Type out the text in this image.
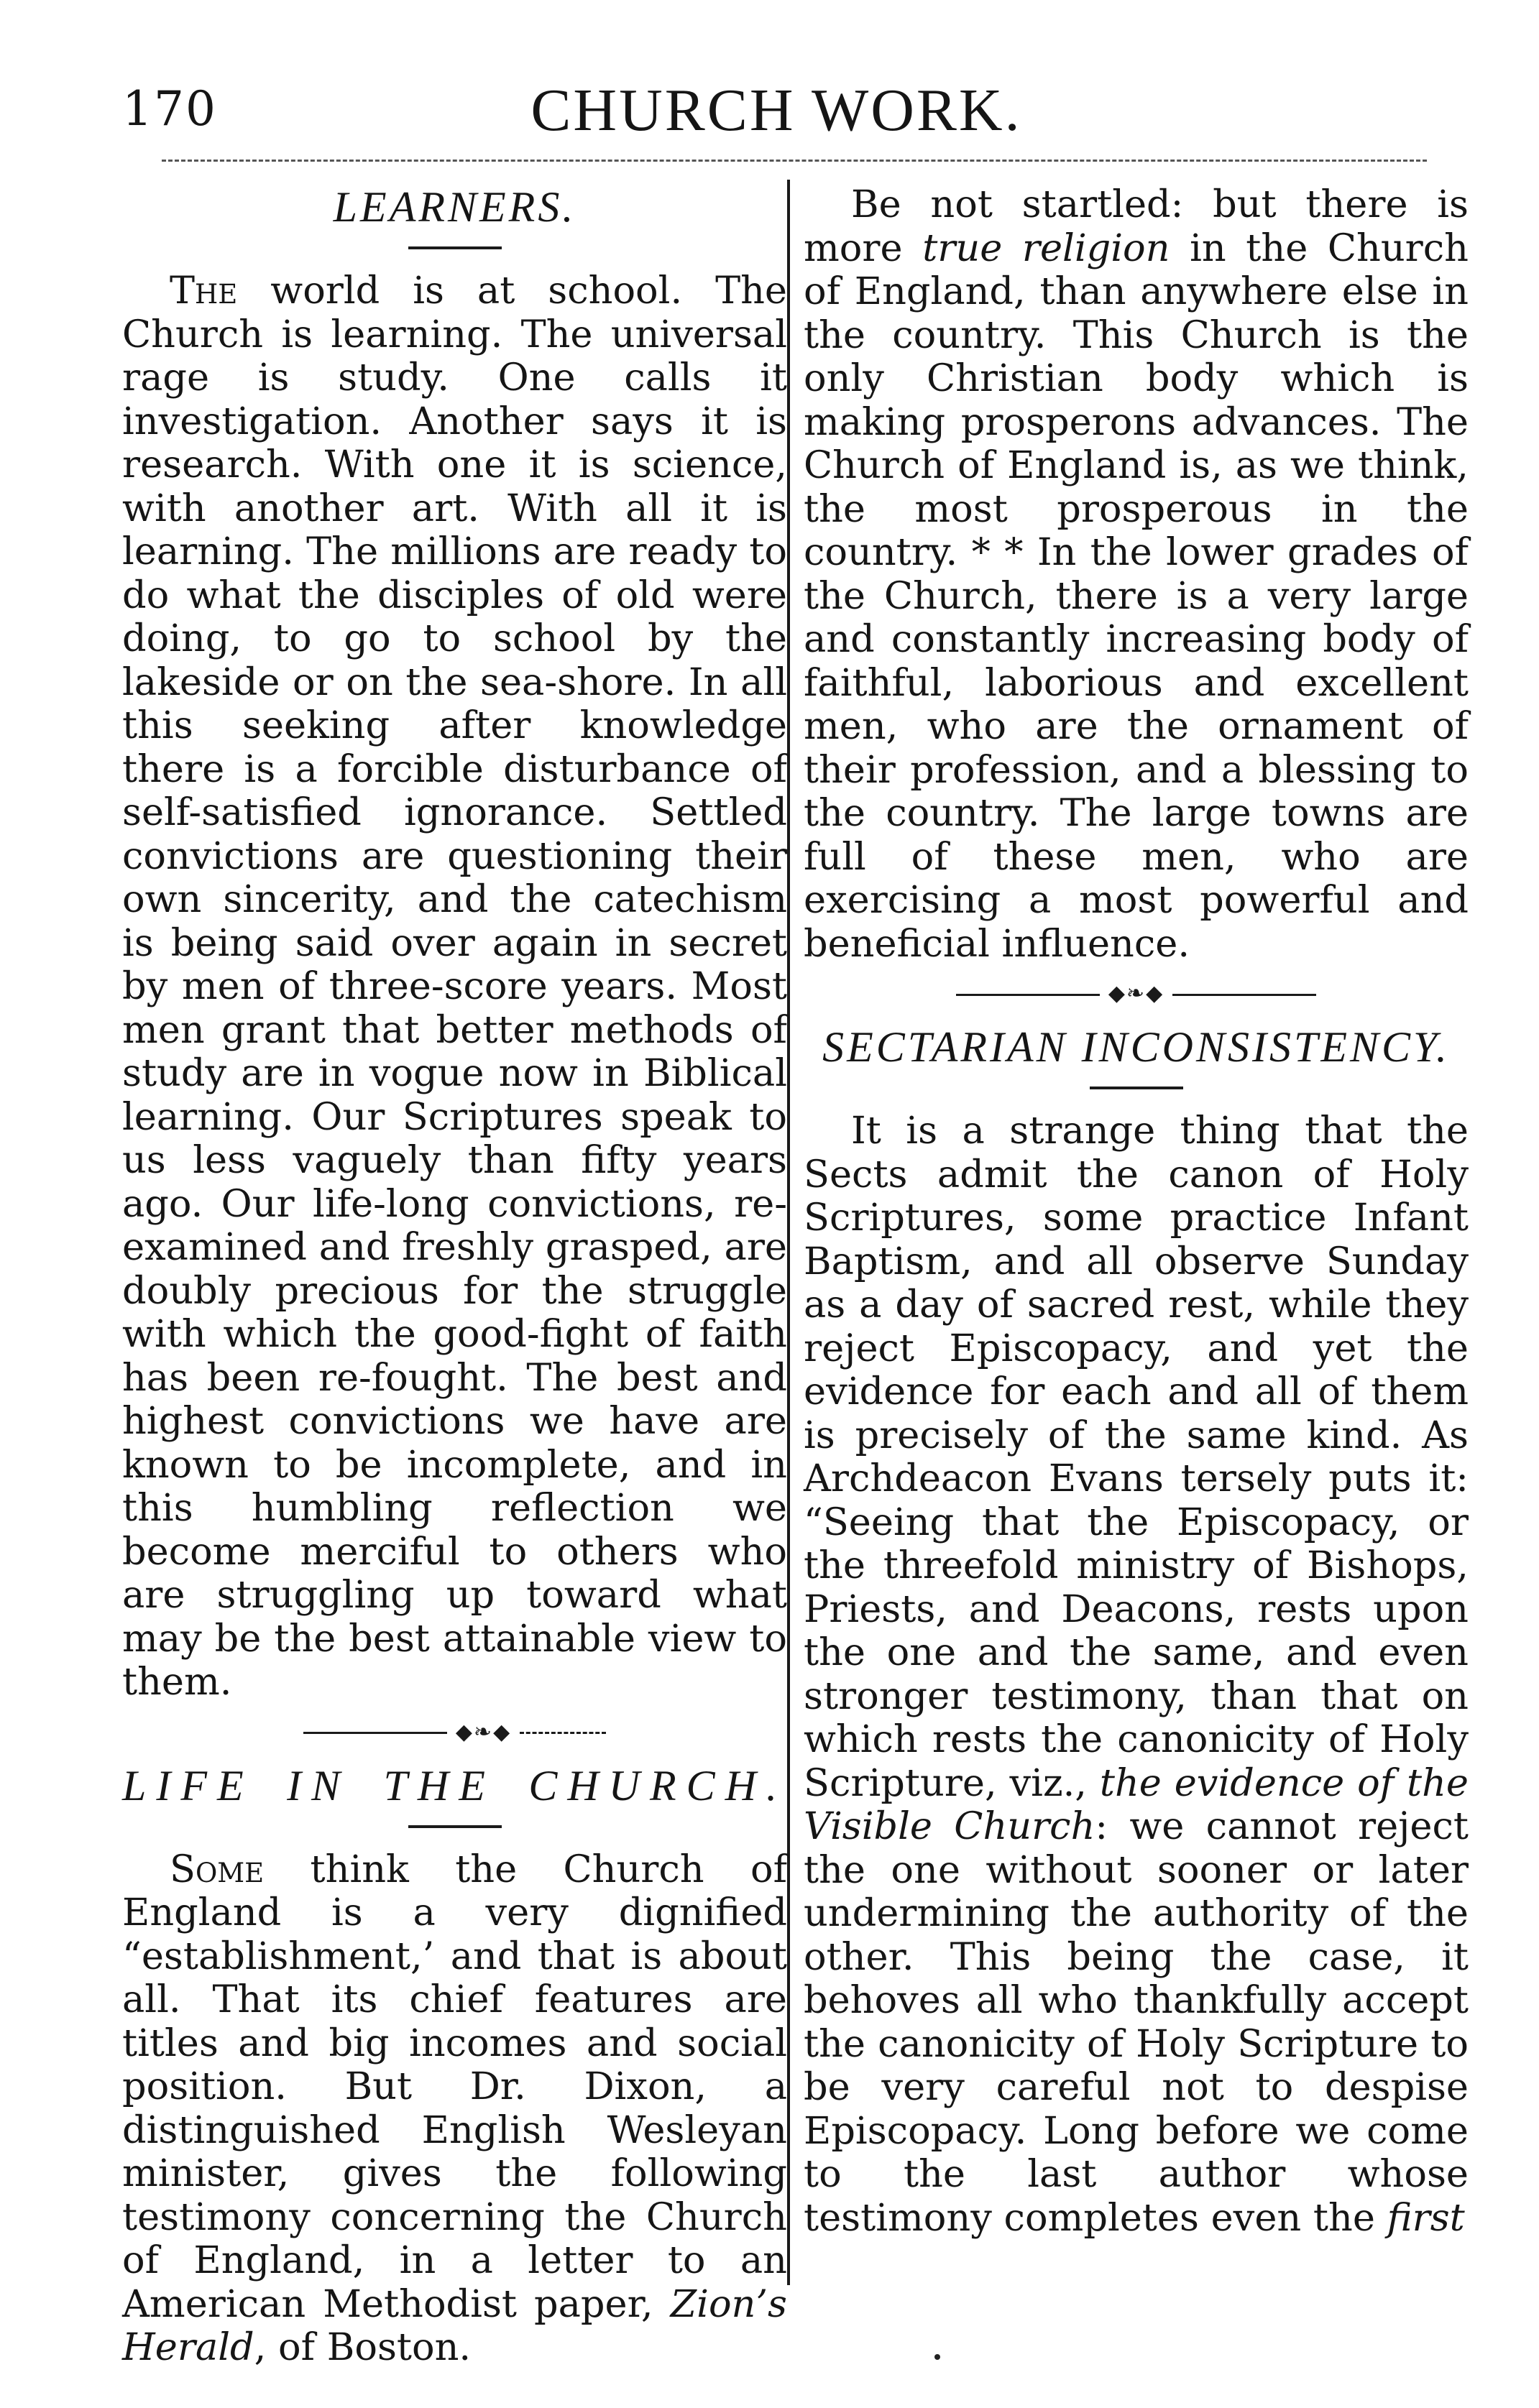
170	CHURCH WORK.
LEARNERS.

The world is at school. The Church is learning. The universal rage is study. One calls it investigation. Another says it is research. With one it is science, with another art. With all it is learning. The millions are ready to do what the disciples of old were doing, to go to school by the lakeside or on the sea-shore. In all this seeking after knowledge there is a forcible disturbance of self-satisfied ignorance. Settled convictions are questioning their own sincerity, and the catechism is being said over again in secret by men of three-score years. Most men grant that better methods of study are in vogue now in Biblical learning. Our Scriptures speak to us less vaguely than fifty years ago. Our life-long convictions, re-examined and freshly grasped, are doubly precious for the struggle with which the good-fight of faith has been re-fought. The best and highest convictions we have are known to be incomplete, and in this humbling reflection we become merciful to others who are struggling up toward what may be the best attainable view to them.

◆❧◆
LIFE IN THE CHURCH.

Some think the Church of England is a very dignified “establishment,’ and that is about all. That its chief features are titles and big incomes and social position. But Dr. Dixon, a distinguished English Wesleyan minister, gives the following testimony concerning the Church of England, in a letter to an American Methodist paper, Zion’s Herald, of Boston.

Be not startled: but there is more true religion in the Church of England, than anywhere else in the country. This Church is the only Christian body which is making prosperons advances. The Church of England is, as we think, the most prosperous in the country. * * In the lower grades of the Church, there is a very large and constantly increasing body of faithful, laborious and excellent men, who are the ornament of their profession, and a blessing to the country. The large towns are full of these men, who are exercising a most powerful and beneficial influence.

◆❧◆
SECTARIAN INCONSISTENCY.

It is a strange thing that the Sects admit the canon of Holy Scriptures, some practice Infant Baptism, and all observe Sunday as a day of sacred rest, while they reject Episcopacy, and yet the evidence for each and all of them is precisely of the same kind. As Archdeacon Evans tersely puts it: “Seeing that the Episcopacy, or the threefold ministry of Bishops, Priests, and Deacons, rests upon the one and the same, and even stronger testimony, than that on which rests the canonicity of Holy Scripture, viz., the evidence of the Visible Church: we cannot reject the one without sooner or later undermining the authority of the other. This being the case, it behoves all who thankfully accept the canonicity of Holy Scripture to be very careful not to despise Episcopacy. Long before we come to the last author whose testimony completes even the first
